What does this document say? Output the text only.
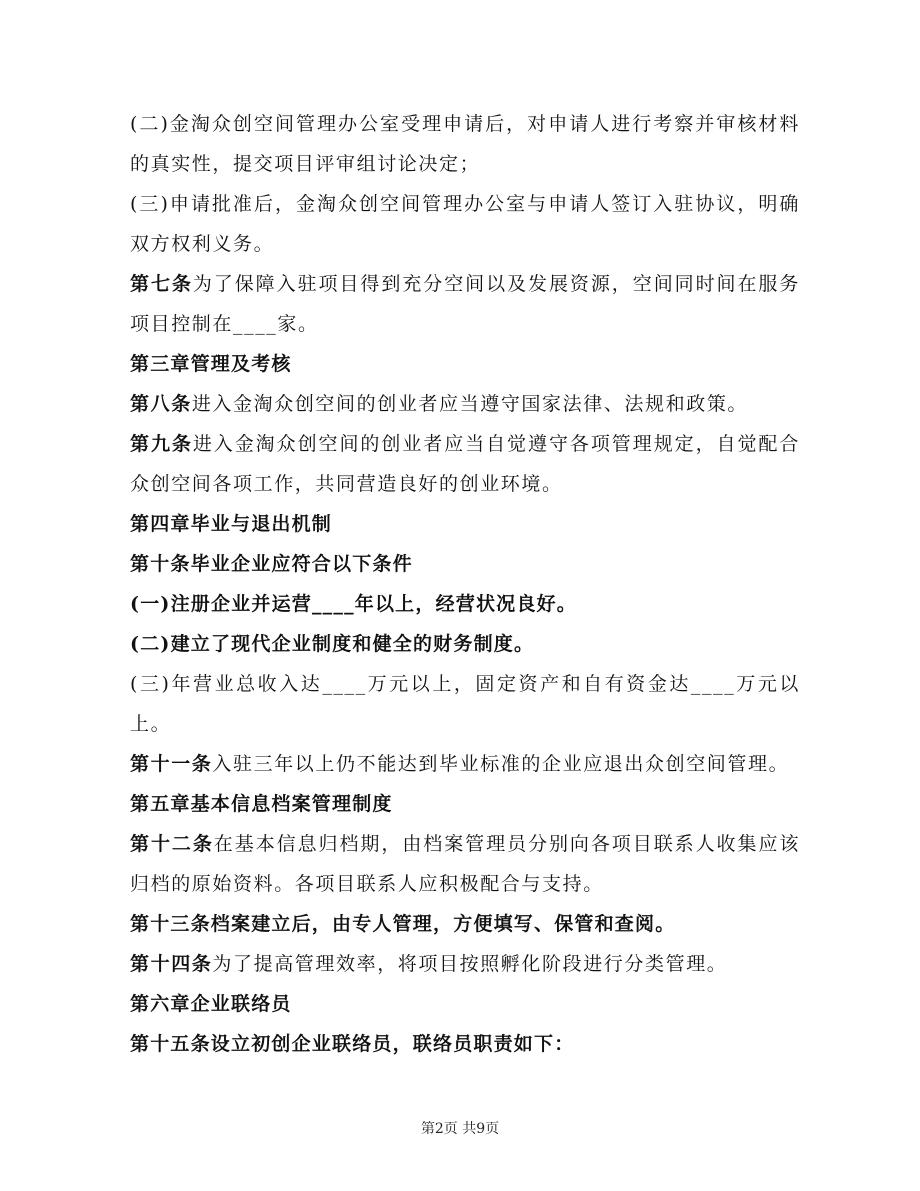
(二)金淘众创空间管理办公室受理申请后，对申请人进行考察并审核材料的真实性，提交项目评审组讨论决定；

(三)申请批准后，金淘众创空间管理办公室与申请人签订入驻协议，明确双方权利义务。

第七条为了保障入驻项目得到充分空间以及发展资源，空间同时间在服务项目控制在____家。

第三章管理及考核

第八条进入金淘众创空间的创业者应当遵守国家法律、法规和政策。

第九条进入金淘众创空间的创业者应当自觉遵守各项管理规定，自觉配合众创空间各项工作，共同营造良好的创业环境。

第四章毕业与退出机制

第十条毕业企业应符合以下条件

(一)注册企业并运营____年以上，经营状况良好。

(二)建立了现代企业制度和健全的财务制度。

(三)年营业总收入达____万元以上，固定资产和自有资金达____万元以上。

第十一条入驻三年以上仍不能达到毕业标准的企业应退出众创空间管理。

第五章基本信息档案管理制度

第十二条在基本信息归档期，由档案管理员分别向各项目联系人收集应该归档的原始资料。各项目联系人应积极配合与支持。

第十三条档案建立后，由专人管理，方便填写、保管和查阅。

第十四条为了提高管理效率，将项目按照孵化阶段进行分类管理。

第六章企业联络员

第十五条设立初创企业联络员，联络员职责如下：

第2页 共9页
